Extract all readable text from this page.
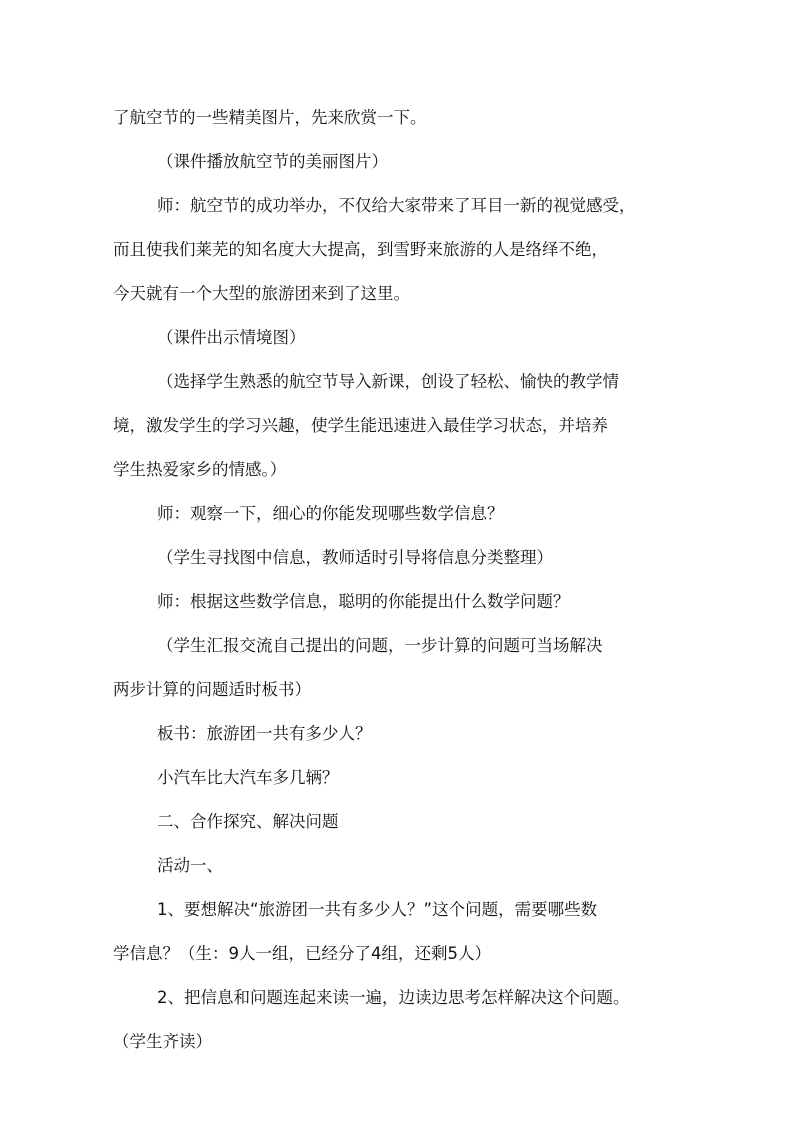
了航空节的一些精美图片，先来欣赏一下。
（课件播放航空节的美丽图片）
师：航空节的成功举办，不仅给大家带来了耳目一新的视觉感受，
而且使我们莱芜的知名度大大提高，到雪野来旅游的人是络绎不绝，
今天就有一个大型的旅游团来到了这里。
（课件出示情境图）
（选择学生熟悉的航空节导入新课，创设了轻松、愉快的教学情
境，激发学生的学习兴趣，使学生能迅速进入最佳学习状态，并培养
学生热爱家乡的情感。）
师：观察一下，细心的你能发现哪些数学信息？
（学生寻找图中信息，教师适时引导将信息分类整理）
师：根据这些数学信息，聪明的你能提出什么数学问题？
（学生汇报交流自己提出的问题，一步计算的问题可当场解决
两步计算的问题适时板书）
板书：旅游团一共有多少人？
小汽车比大汽车多几辆？
二、合作探究、解决问题
活动一、
1、要想解决“旅游团一共有多少人？”这个问题，需要哪些数
学信息？（生：9人一组，已经分了4组，还剩5人）
2、把信息和问题连起来读一遍，边读边思考怎样解决这个问题。
（学生齐读）
